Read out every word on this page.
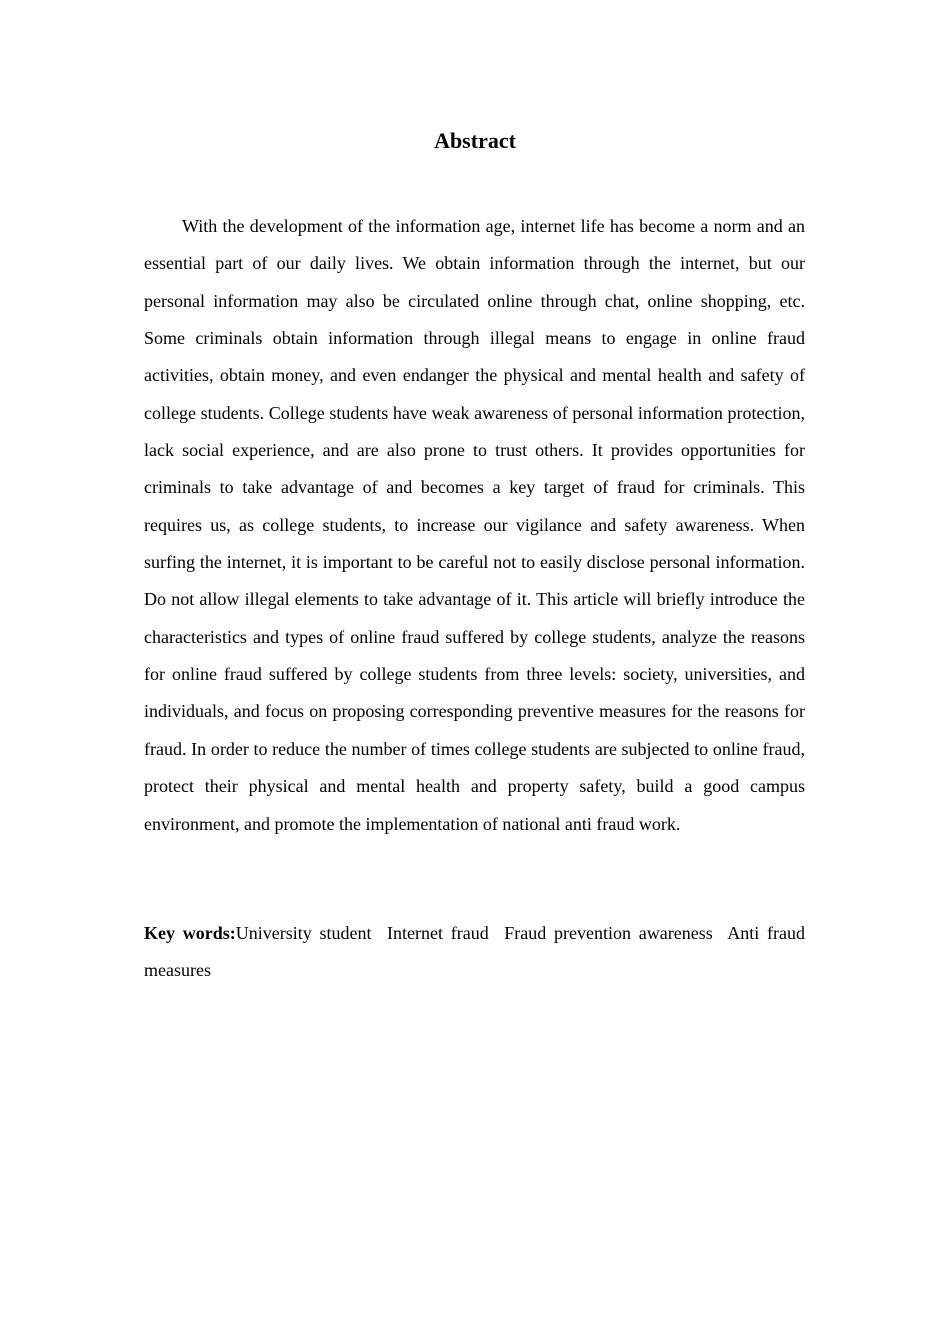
Abstract

With the development of the information age, internet life has become a norm and an essential part of our daily lives. We obtain information through the internet, but our personal information may also be circulated online through chat, online shopping, etc. Some criminals obtain information through illegal means to engage in online fraud activities, obtain money, and even endanger the physical and mental health and safety of college students. College students have weak awareness of personal information protection, lack social experience, and are also prone to trust others. It provides opportunities for criminals to take advantage of and becomes a key target of fraud for criminals. This requires us, as college students, to increase our vigilance and safety awareness. When surfing the internet, it is important to be careful not to easily disclose personal information. Do not allow illegal elements to take advantage of it. This article will briefly introduce the characteristics and types of online fraud suffered by college students, analyze the reasons for online fraud suffered by college students from three levels: society, universities, and individuals, and focus on proposing corresponding preventive measures for the reasons for fraud. In order to reduce the number of times college students are subjected to online fraud, protect their physical and mental health and property safety, build a good campus environment, and promote the implementation of national anti fraud work.

Key words:University student  Internet fraud  Fraud prevention awareness  Anti fraud measures
